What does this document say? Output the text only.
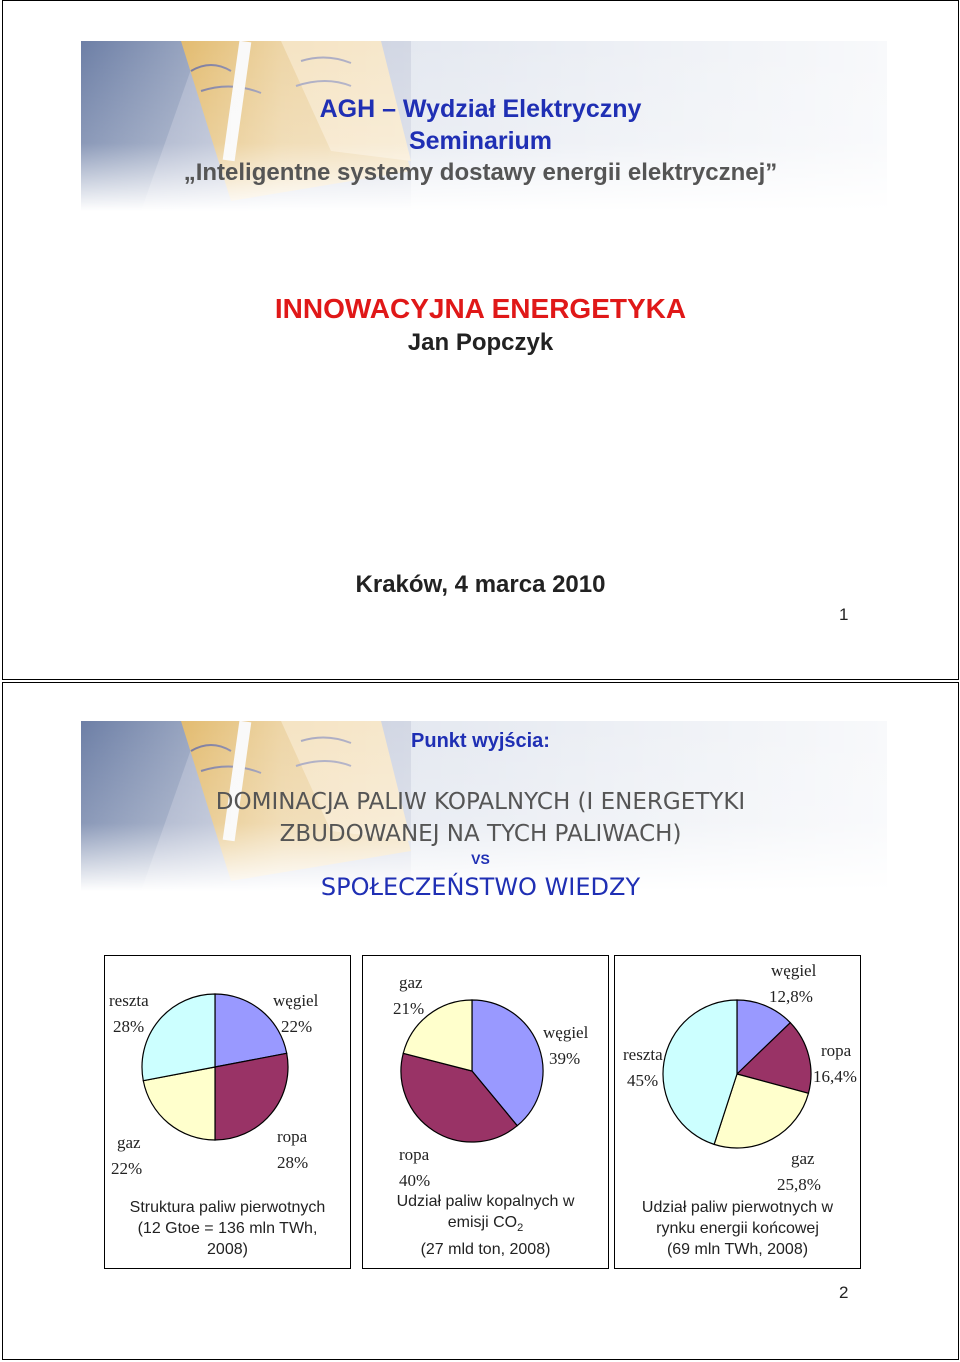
AGH – Wydział Elektryczny
Seminarium
„Inteligentne systemy dostawy energii elektrycznej”
INNOWACYJNA ENERGETYKA
Jan Popczyk
Kraków, 4 marca 2010
1
Punkt wyjścia:
DOMINACJA PALIW KOPALNYCH (I ENERGETYKI
ZBUDOWANEJ NA TYCH PALIWACH)
VS
SPOŁECZEŃSTWO WIEDZY
reszta 28%
węgiel 22%
gaz 22%
ropa 28%
Struktura paliw pierwotnych
(12 Gtoe = 136 mln TWh,
2008)
gaz 21%
węgiel 39%
ropa 40%
Udział paliw kopalnych w
emisji $CO_2$
(27 mld ton, 2008)
węgiel 12,8%
ropa 16,4%
reszta 45%
gaz 25,8%
Udział paliw pierwotnych w
rynku energii końcowej
(69 mln TWh, 2008)
2
